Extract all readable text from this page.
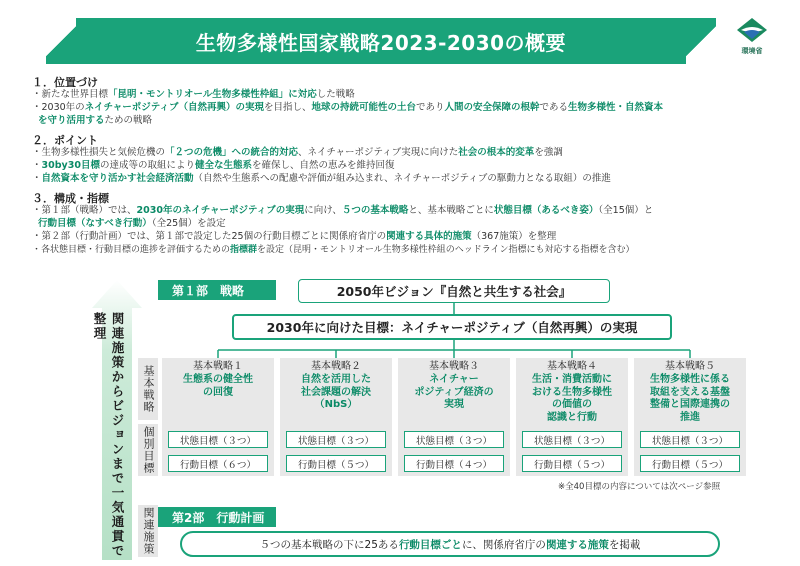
生物多様性国家戦略2023-2030の概要	環境省
１．位置づけ
・新たな世界目標「昆明・モントリオール生物多様性枠組」に対応した戦略
・2030年のネイチャーポジティブ（自然再興）の実現を目指し、地球の持続可能性の土台であり人間の安全保障の根幹である生物多様性・自然資本
を守り活用するための戦略
２．ポイント
・生物多様性損失と気候危機の「２つの危機」への統合的対応、ネイチャーポジティブ実現に向けた社会の根本的変革を強調
・30by30目標の達成等の取組により健全な生態系を確保し、自然の恵みを維持回復
・自然資本を守り活かす社会経済活動（自然や生態系への配慮や評価が組み込まれ、ネイチャーポジティブの駆動力となる取組）の推進
３．構成・指標
・第１部（戦略）では、2030年のネイチャーポジティブの実現に向け、５つの基本戦略と、基本戦略ごとに状態目標（あるべき姿）（全15個）と
行動目標（なすべき行動）（全25個）を設定
・第２部（行動計画）では、第１部で設定した25個の行動目標ごとに関係府省庁の関連する具体的施策（367施策）を整理
・各状態目標・行動目標の進捗を評価するための指標群を設定（昆明・モントリオール生物多様性枠組のヘッドライン指標にも対応する指標を含む）
関連施策からビジョンまで一気通貫で整理
第１部　戦略	2050年ビジョン『自然と共生する社会』
2030年に向けた目標：ネイチャーポジティブ（自然再興）の実現
基本戦略
個別目標
関連施策
基本戦略１
生態系の健全性
の回復
状態目標（３つ）
行動目標（６つ）
基本戦略２
自然を活用した
社会課題の解決
（NbS）
状態目標（３つ）
行動目標（５つ）
基本戦略３
ネイチャー
ポジティブ経済の
実現
状態目標（３つ）
行動目標（４つ）
基本戦略４
生活・消費活動に
おける生物多様性
の価値の
認識と行動
状態目標（３つ）
行動目標（５つ）
基本戦略５
生物多様性に係る
取組を支える基盤
整備と国際連携の
推進
状態目標（３つ）
行動目標（５つ）
※全40目標の内容については次ページ参照
第2部　行動計画
５つの基本戦略の下に25ある 行動目標ごと に、関係府省庁の 関連する施策 を掲載
